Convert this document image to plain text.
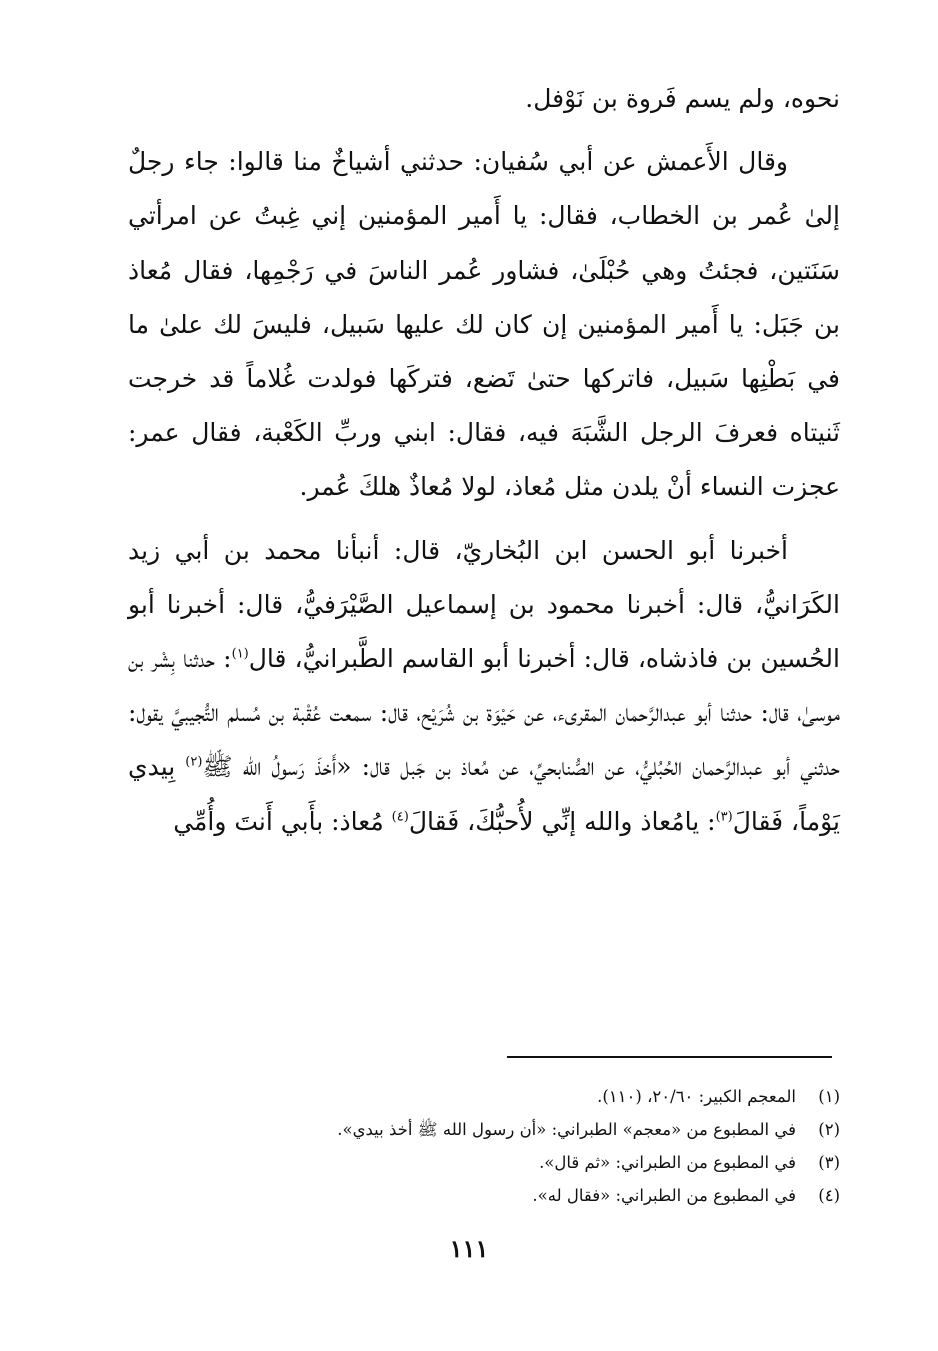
نحوه، ولم يسم فَروة بن نَوْفل.

وقال الأَعمش عن أبي سُفيان: حدثني أشياخٌ منا قالوا: جاء رجلٌ إلىٰ عُمر بن الخطاب، فقال: يا أَمير المؤمنين إني غِبتُ عن امرأتي سَنَتين، فجئتُ وهي حُبْلَىٰ، فشاور عُمر الناسَ في رَجْمِها، فقال مُعاذ بن جَبَل: يا أَمير المؤمنين إن كان لك عليها سَبيل، فليسَ لك علىٰ ما في بَطْنِها سَبيل، فاتركها حتىٰ تَضع، فتركَها فولدت غُلاماً قد خرجت ثَنيتاه فعرفَ الرجل الشَّبَهَ فيه، فقال: ابني وربِّ الكَعْبة، فقال عمر: عجزت النساء أنْ يلدن مثل مُعاذ، لولا مُعاذٌ هلكَ عُمر.

أخبرنا أبو الحسن ابن البُخاريّ، قال: أنبأنا محمد بن أبي زيد الكَرَانيُّ، قال: أخبرنا محمود بن إسماعيل الصَّيْرَفيُّ، قال: أخبرنا أبو الحُسين بن فاذشاه، قال: أخبرنا أبو القاسم الطَّبرانيُّ، قال$^{(١)}$: حدثنا بِشْر بن موسىٰ، قال: حدثنا أبو عبدالرَّحمان المقرىء، عن حَيْوَة بن شُرَيْح، قال: سمعت عُقْبة بن مُسلم التُّجيبيَّ يقول: حدثني أبو عبدالرَّحمان الحُبُليُّ، عن الصُّنابحيِّ، عن مُعاذ بن جَبل قال: «أَخذَ رَسولُ الله ﷺ$^{(٢)}$ بِيدي يَوْماً، فَقالَ$^{(٣)}$: يامُعاذ والله إنِّي لأُحبُّكَ، فَقالَ$^{(٤)}$ مُعاذ: بأَبي أَنتَ وأُمِّي

(١)
المعجم الكبير: ٢٠/٦٠، (١١٠).
(٢)
في المطبوع من «معجم» الطبراني: «أن رسول الله ﷺ أخذ بيدي».
(٣)
في المطبوع من الطبراني: «ثم قال».
(٤)
في المطبوع من الطبراني: «فقال له».
١١١
